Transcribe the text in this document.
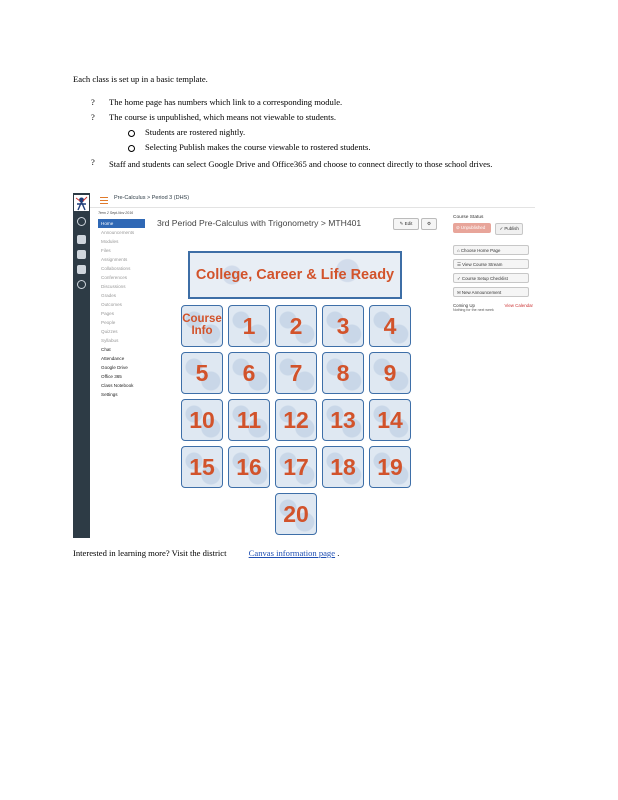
Each class is set up in a basic template.
? The home page has numbers which link to a corresponding module.
? The course is unpublished, which means not viewable to students.
Students are rostered nightly.
Selecting Publish makes the course viewable to rostered students.
? Staff and students can select Google Drive and Office365 and choose to connect directly to those school drives.
Pre-Calculus > Period 3 (DHS)
Term 2 Sept-Nov 2016
Home
Announcements
Modules
Files
Assignments
Collaborations
Conferences
Discussions
Grades
Outcomes
Pages
People
Quizzes
Syllabus
Chat
Attendance
Google Drive
Office 365
Class Notebook
Settings
3rd Period Pre-Calculus with Trigonometry > MTH401	✎ Edit	⚙
College, Career & Life Ready
Course
Info	1	2	3	4
5	6	7	8	9
10 11 12 13 14
15 16 17 18 19
20
Course Status
⊘ Unpublished	✓ Publish
⌂ Choose Home Page
☰ View Course Stream
✓ Course Setup Checklist
✉ New Announcement
Coming Up	View Calendar
Nothing for the next week
Interested in learning more? Visit the district	Canvas information page .
